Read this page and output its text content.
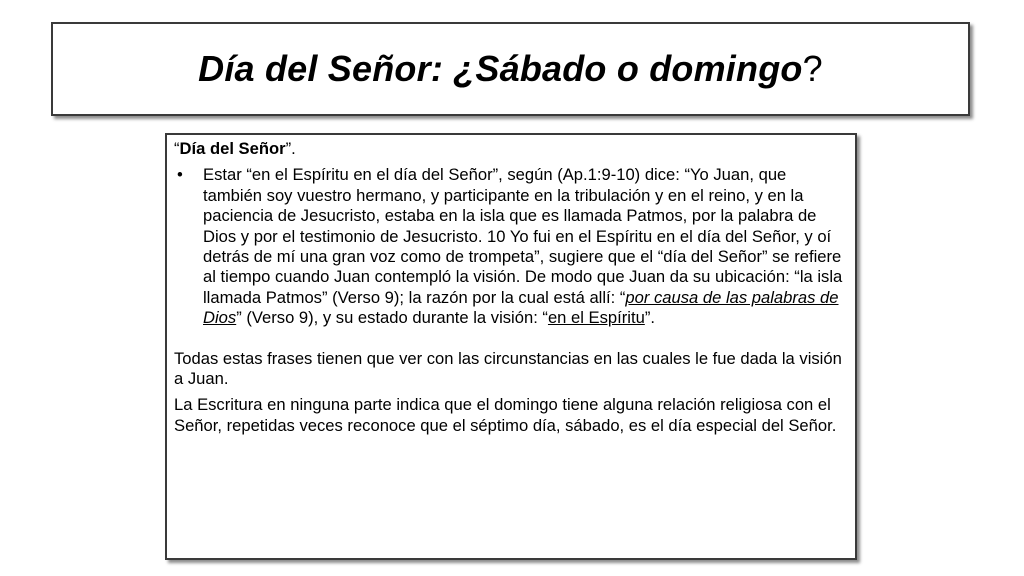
Día del Señor: ¿Sábado o domingo?

“Día del Señor”.

•	Estar “en el Espíritu en el día del Señor”, según (Ap.1:9-10) dice: “Yo Juan, que también soy vuestro hermano, y participante en la tribulación y en el reino, y en la paciencia de Jesucristo, estaba en la isla que es llamada Patmos, por la palabra de Dios y por el testimonio de Jesucristo. 10 Yo fui en el Espíritu en el día del Señor, y oí detrás de mí una gran voz como de trompeta”, sugiere que el “día del Señor” se refiere al tiempo cuando Juan contempló la visión. De modo que Juan da su ubicación: “la isla llamada Patmos” (Verso 9); la razón por la cual está allí: “por causa de las palabras de Dios” (Verso 9), y su estado durante la visión: “en el Espíritu”.

Todas estas frases tienen que ver con las circunstancias en las cuales le fue dada la visión a Juan.

La Escritura en ninguna parte indica que el domingo tiene alguna relación religiosa con el Señor, repetidas veces reconoce que el séptimo día, sábado, es el día especial del Señor.
